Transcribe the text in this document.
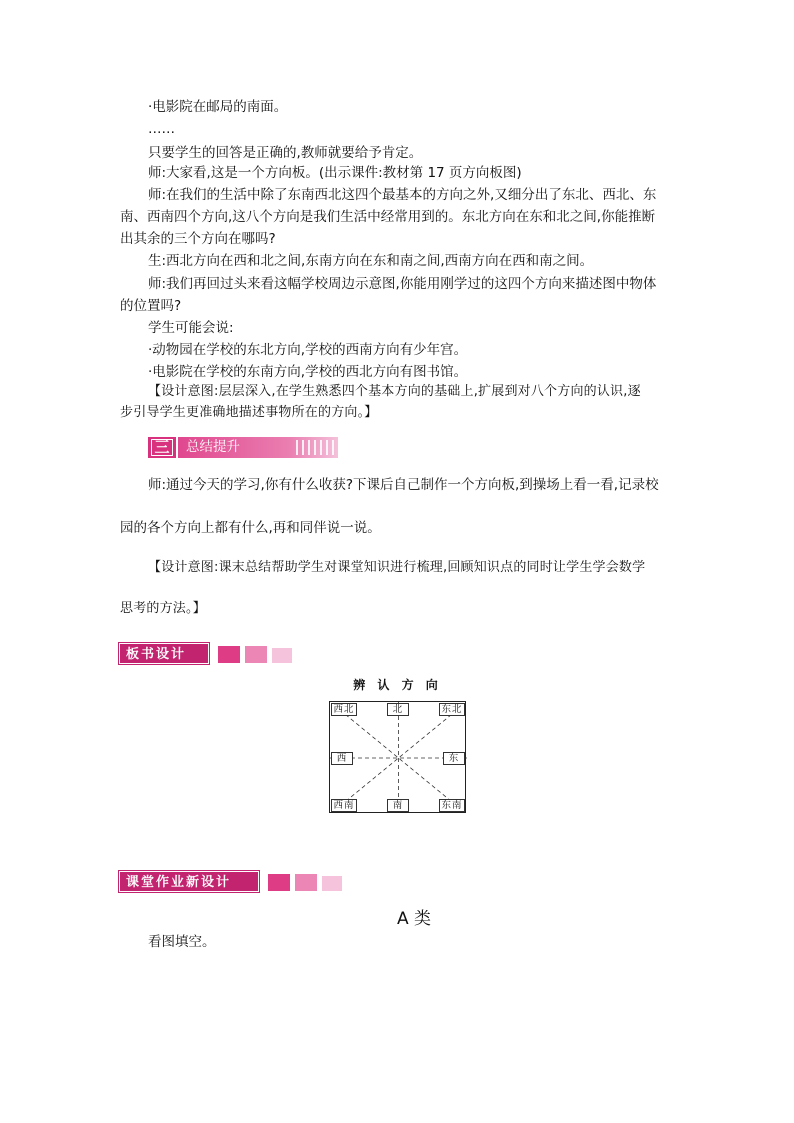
·电影院在邮局的南面。

……

只要学生的回答是正确的,教师就要给予肯定。

师:大家看,这是一个方向板。(出示课件:教材第 17 页方向板图)

师:在我们的生活中除了东南西北这四个最基本的方向之外,又细分出了东北、西北、东

南、西南四个方向,这八个方向是我们生活中经常用到的。东北方向在东和北之间,你能推断

出其余的三个方向在哪吗?

生:西北方向在西和北之间,东南方向在东和南之间,西南方向在西和南之间。

师:我们再回过头来看这幅学校周边示意图,你能用刚学过的这四个方向来描述图中物体

的位置吗?

学生可能会说:

·动物园在学校的东北方向,学校的西南方向有少年宫。

·电影院在学校的东南方向,学校的西北方向有图书馆。

【设计意图:层层深入,在学生熟悉四个基本方向的基础上,扩展到对八个方向的认识,逐

步引导学生更准确地描述事物所在的方向。】

三	总结提升

师:通过今天的学习,你有什么收获?下课后自己制作一个方向板,到操场上看一看,记录校

园的各个方向上都有什么,再和同伴说一说。

【设计意图:课末总结帮助学生对课堂知识进行梳理,回顾知识点的同时让学生学会数学

思考的方法。】

板书设计
辨 认 方 向
西北	北	东北
西	东
西南	南	东南
课堂作业新设计
A 类

看图填空。
